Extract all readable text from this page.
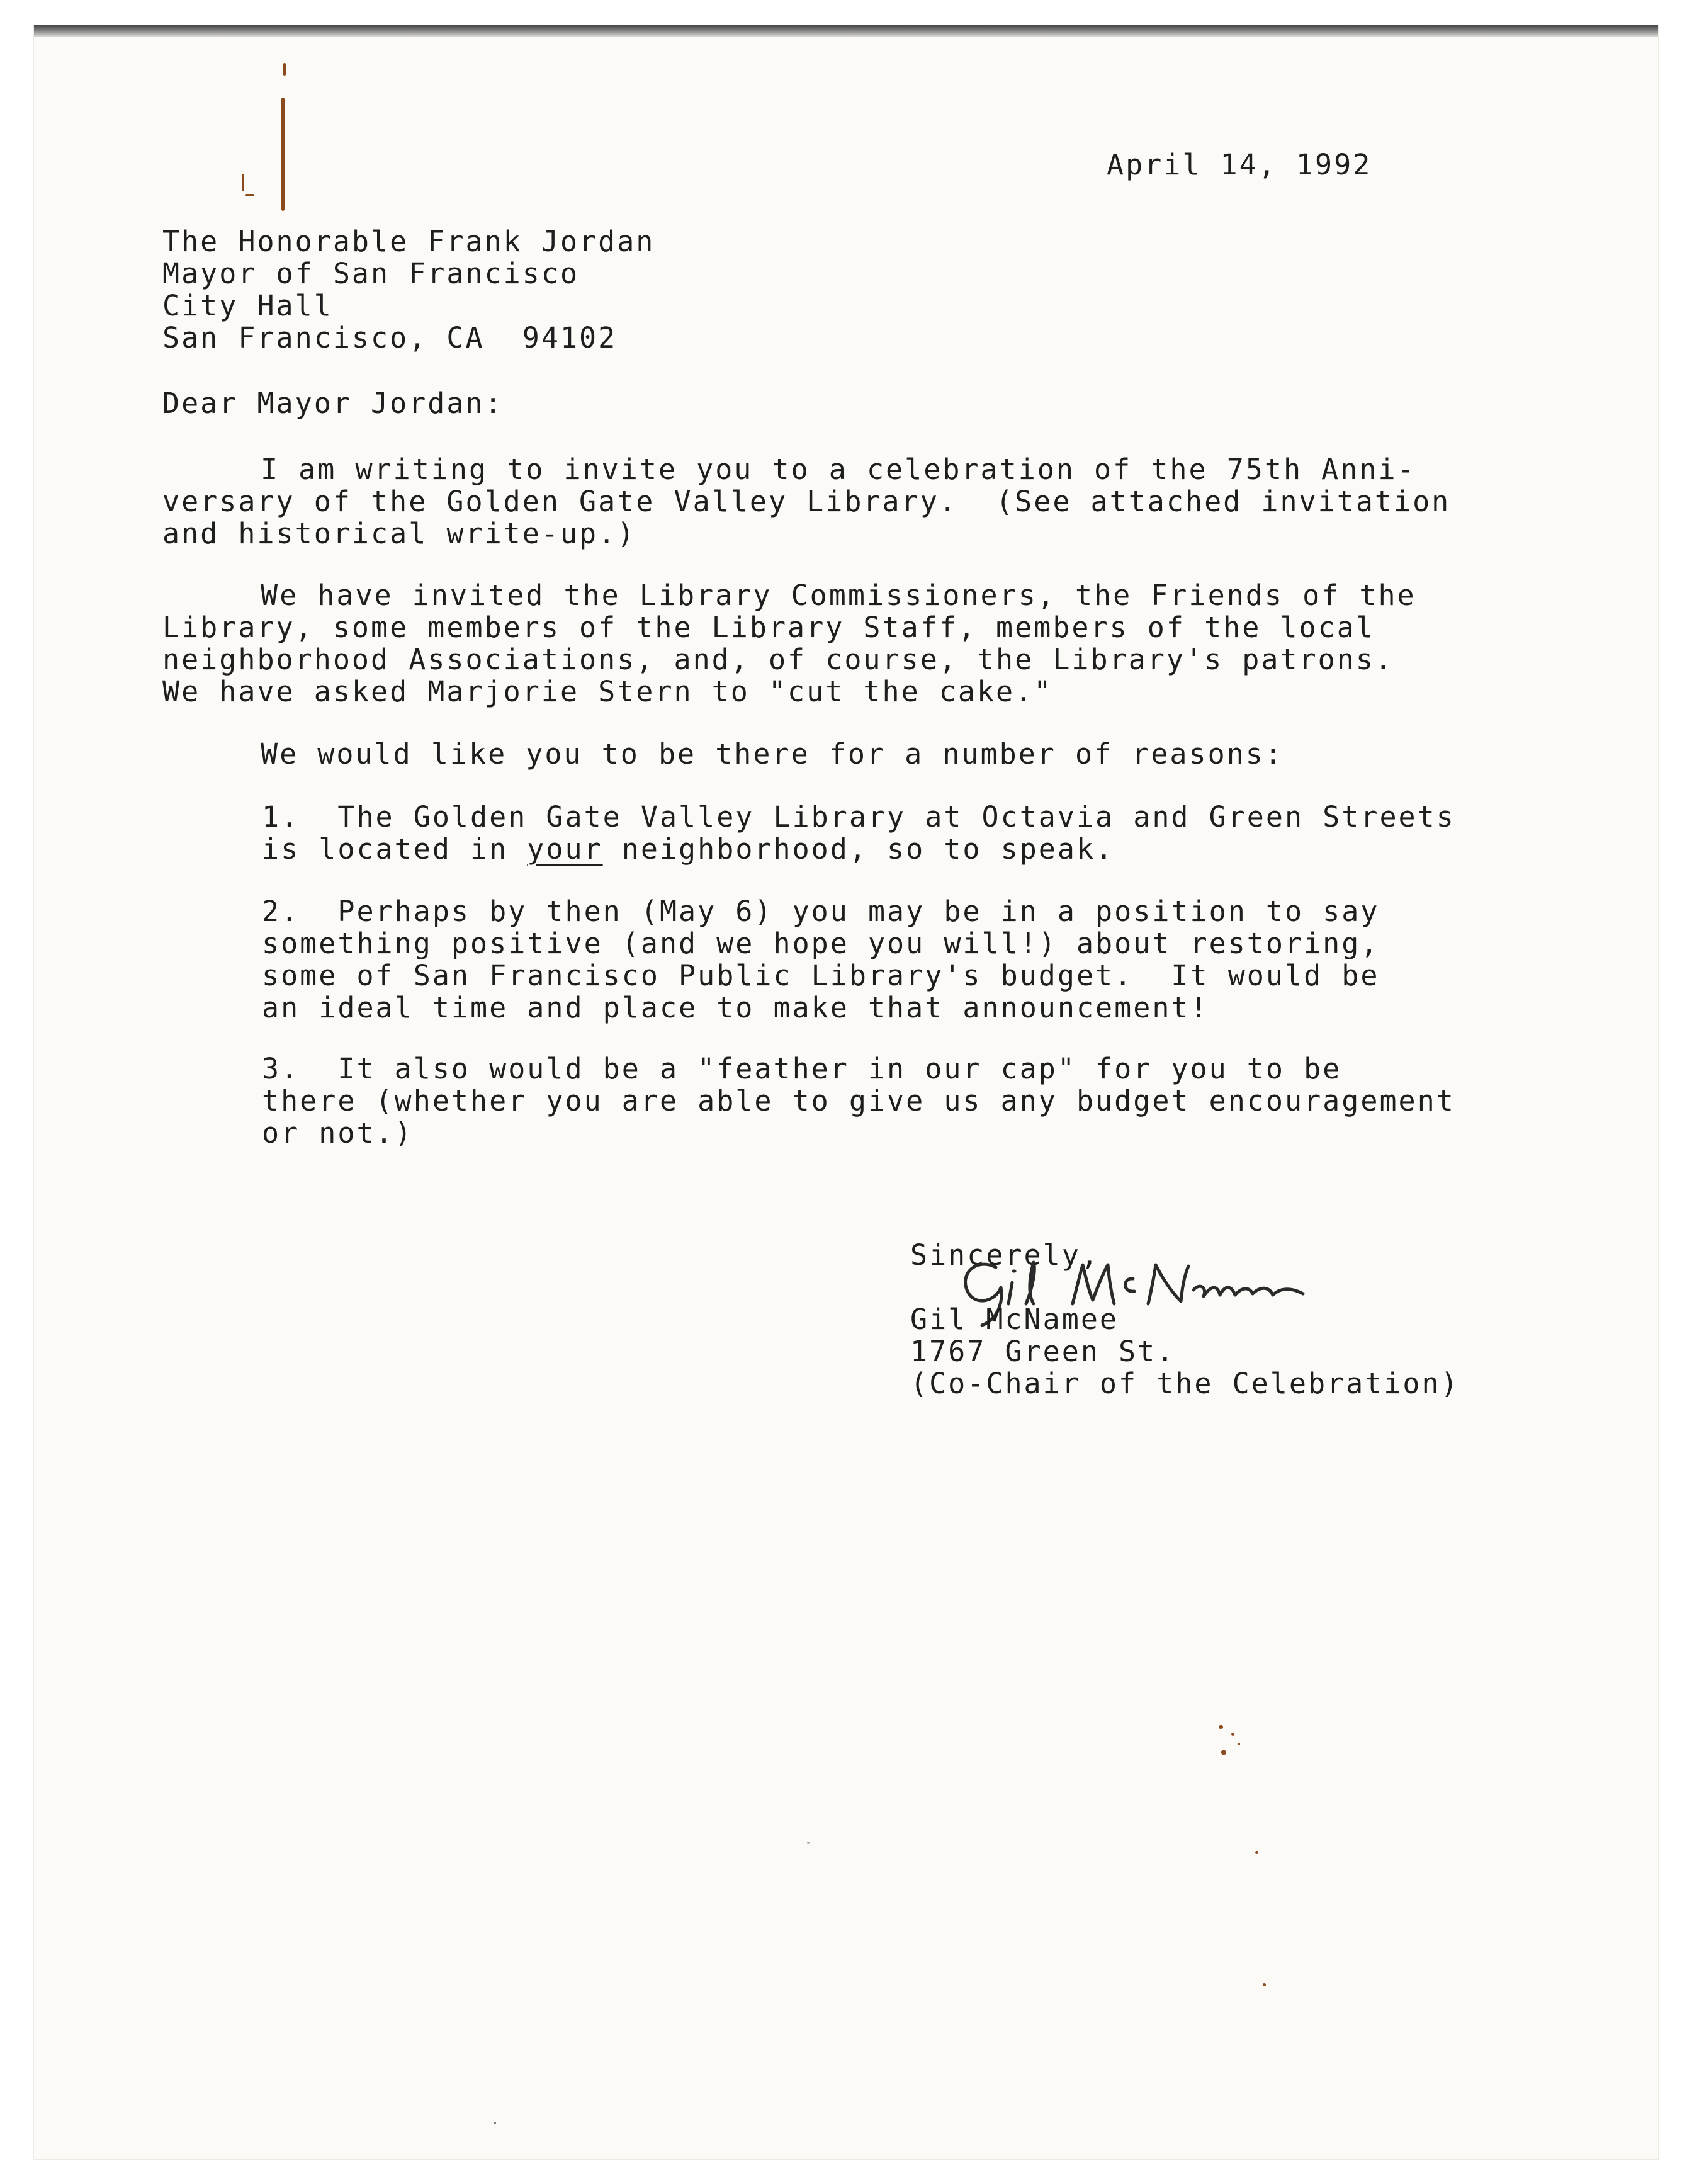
April 14, 1992

The Honorable Frank Jordan
Mayor of San Francisco
City Hall
San Francisco, CA  94102

Dear Mayor Jordan:

I am writing to invite you to a celebration of the 75th Anni-
versary of the Golden Gate Valley Library.  (See attached invitation
and historical write-up.)
We have invited the Library Commissioners, the Friends of the
Library, some members of the Library Staff, members of the local
neighborhood Associations, and, of course, the Library's patrons.
We have asked Marjorie Stern to "cut the cake."
We would like you to be there for a number of reasons:
1.  The Golden Gate Valley Library at Octavia and Green Streets
is located in your neighborhood, so to speak.
2.  Perhaps by then (May 6) you may be in a position to say
something positive (and we hope you will!) about restoring,
some of San Francisco Public Library's budget.  It would be
an ideal time and place to make that announcement!
3.  It also would be a "feather in our cap" for you to be
there (whether you are able to give us any budget encouragement
or not.)

Sincerely,

Gil McNamee

1767 Green St.

(Co-Chair of the Celebration)
